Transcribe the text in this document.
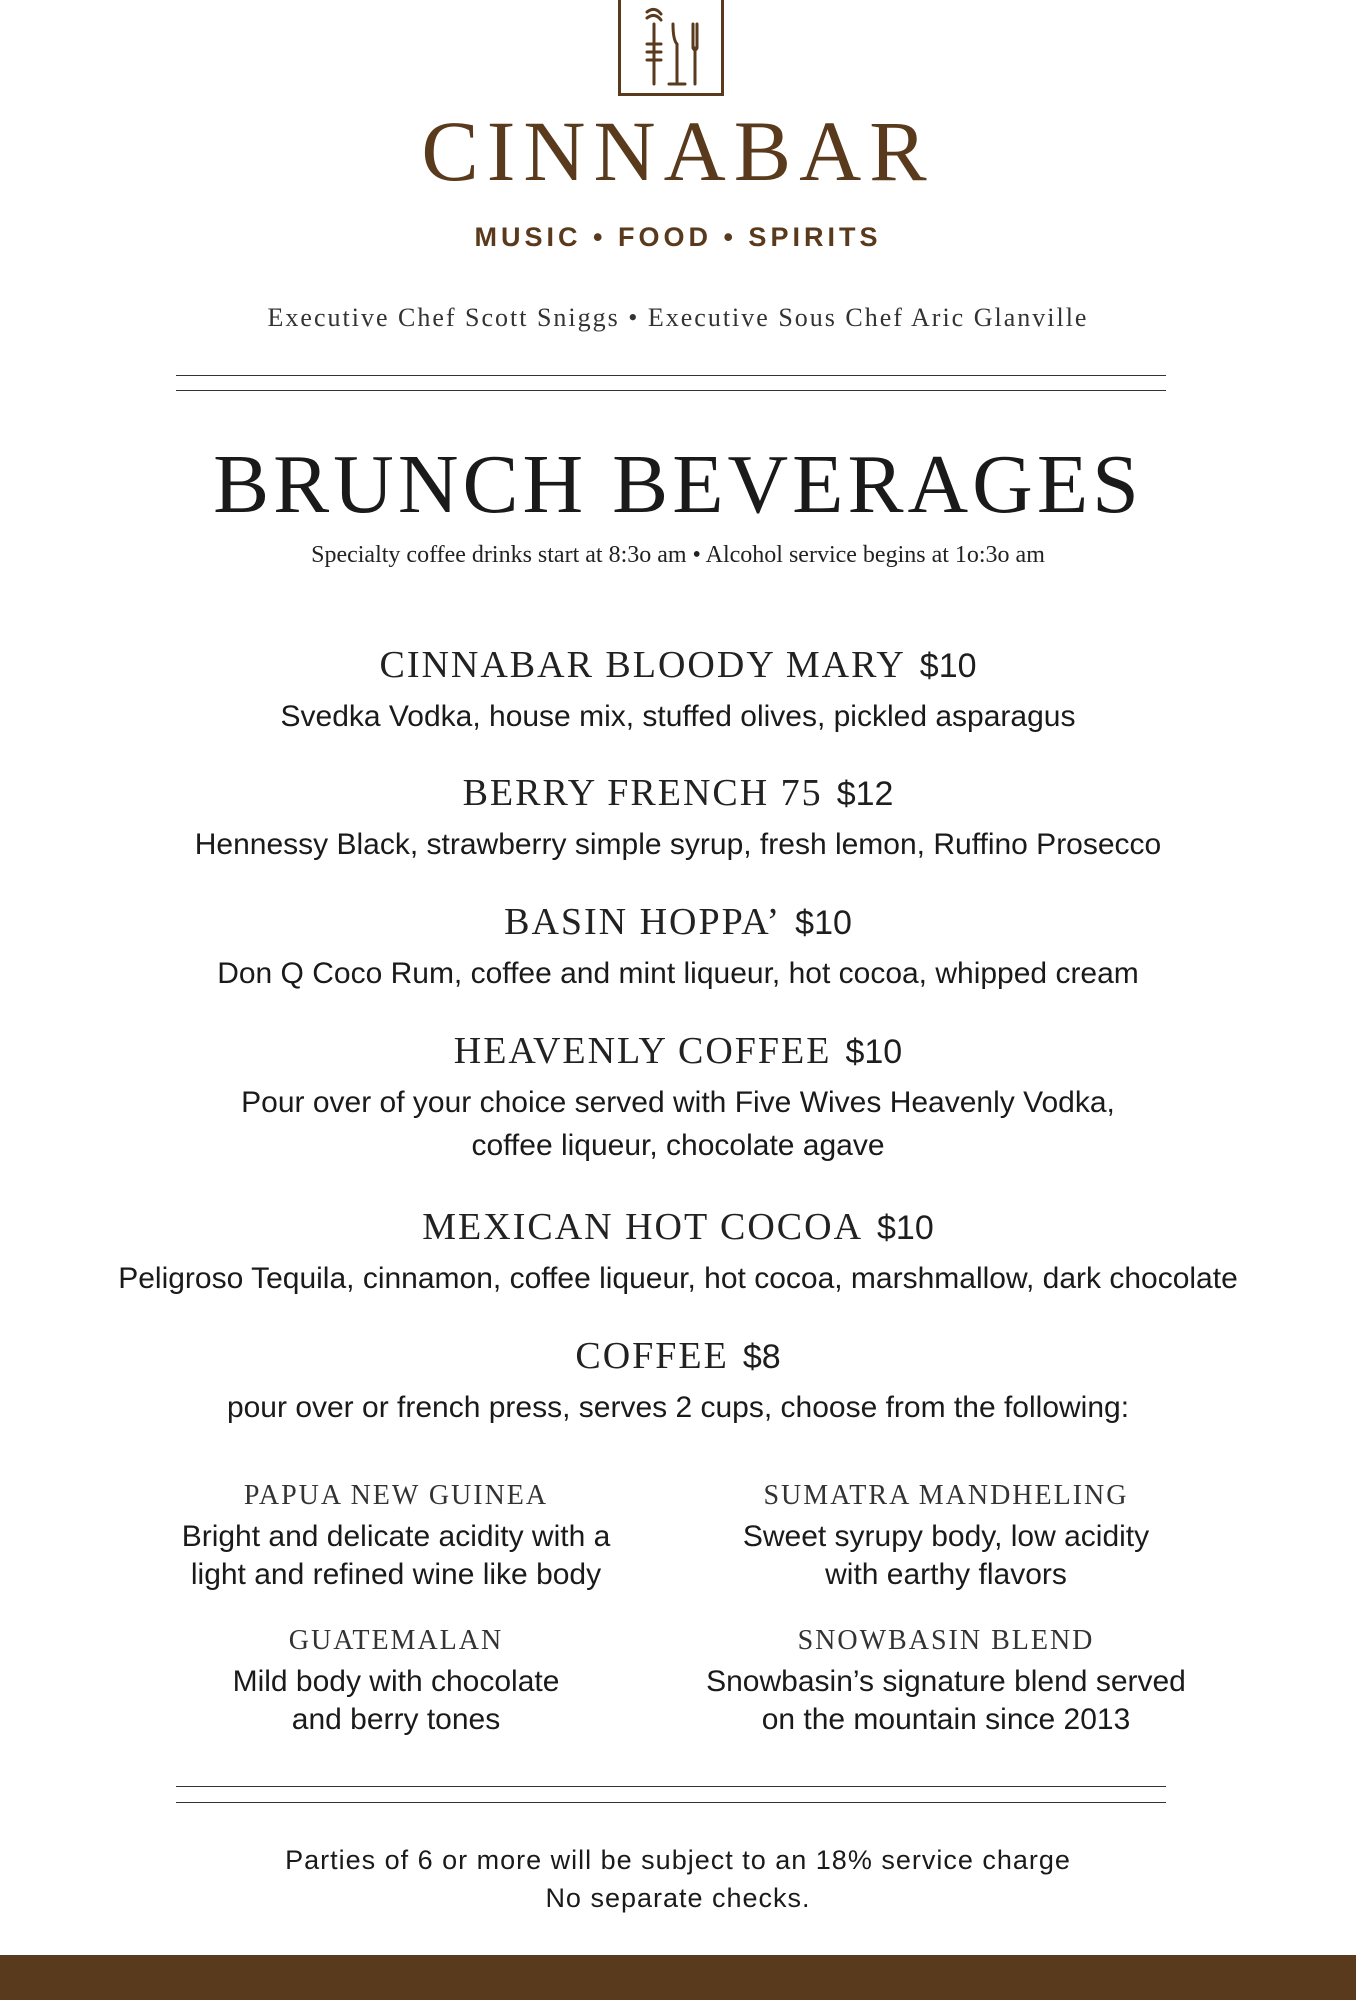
CINNABAR
MUSIC • FOOD • SPIRITS
Executive Chef Scott Sniggs • Executive Sous Chef Aric Glanville
BRUNCH BEVERAGES
Specialty coffee drinks start at 8:3o am • Alcohol service begins at 1o:3o am
CINNABAR BLOODY MARY $10
Svedka Vodka, house mix, stuffed olives, pickled asparagus
BERRY FRENCH 75 $12
Hennessy Black, strawberry simple syrup, fresh lemon, Ruffino Prosecco
BASIN HOPPA’ $10
Don Q Coco Rum, coffee and mint liqueur, hot cocoa, whipped cream
HEAVENLY COFFEE $10
Pour over of your choice served with Five Wives Heavenly Vodka,
coffee liqueur, chocolate agave
MEXICAN HOT COCOA $10
Peligroso Tequila, cinnamon, coffee liqueur, hot cocoa, marshmallow, dark chocolate
COFFEE $8
pour over or french press, serves 2 cups, choose from the following:
PAPUA NEW GUINEA
Bright and delicate acidity with a
light and refined wine like body
SUMATRA MANDHELING
Sweet syrupy body, low acidity
with earthy flavors
GUATEMALAN
Mild body with chocolate
and berry tones
SNOWBASIN BLEND
Snowbasin’s signature blend served
on the mountain since 2013
Parties of 6 or more will be subject to an 18% service charge
No separate checks.
